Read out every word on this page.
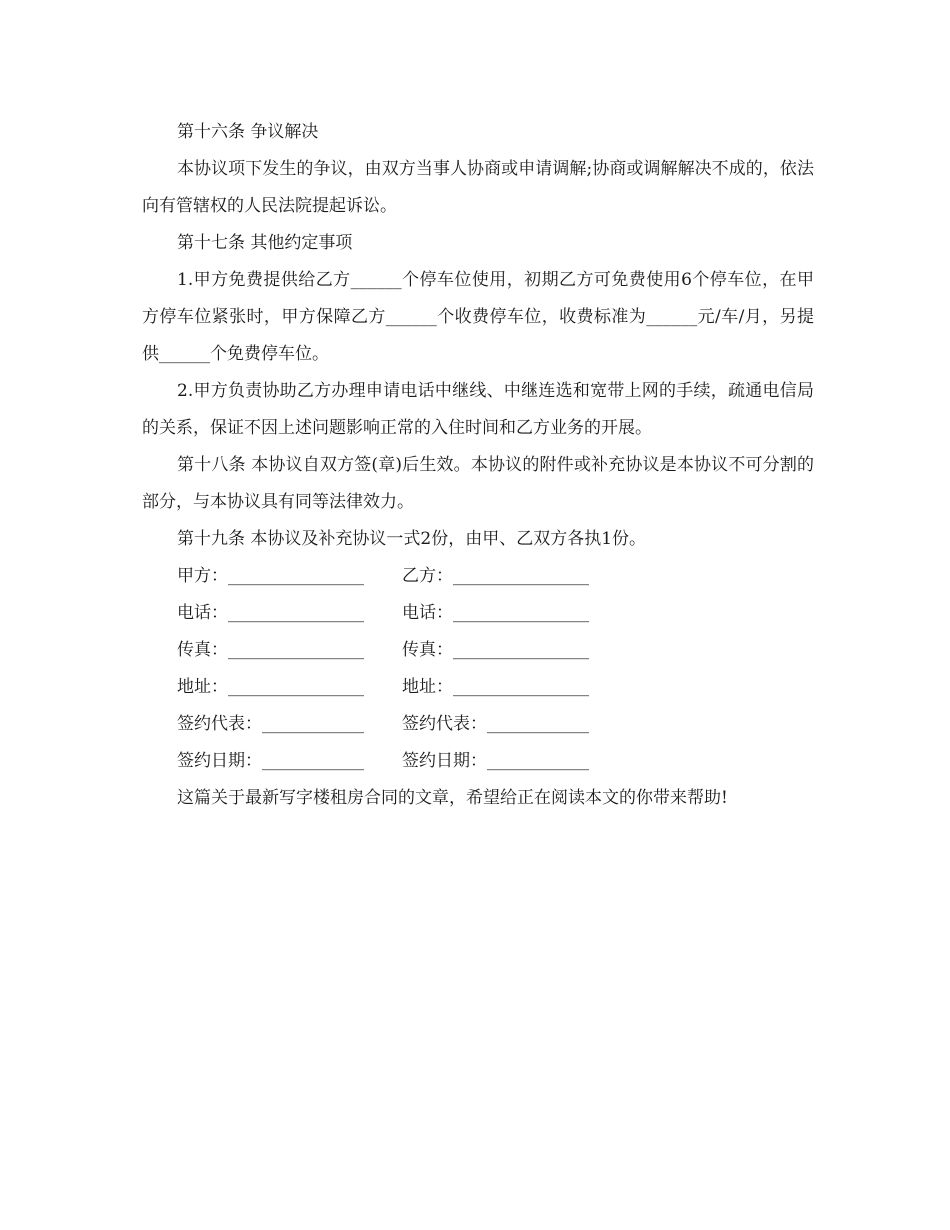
第十六条 争议解决

本协议项下发生的争议，由双方当事人协商或申请调解;协商或调解解决不成的，依法向有管辖权的人民法院提起诉讼。

第十七条 其他约定事项

1.甲方免费提供给乙方______个停车位使用，初期乙方可免费使用6个停车位，在甲方停车位紧张时，甲方保障乙方______个收费停车位，收费标准为______元/车/月，另提供______个免费停车位。

2.甲方负责协助乙方办理申请电话中继线、中继连选和宽带上网的手续，疏通电信局的关系，保证不因上述问题影响正常的入住时间和乙方业务的开展。

第十八条 本协议自双方签(章)后生效。本协议的附件或补充协议是本协议不可分割的部分，与本协议具有同等法律效力。

第十九条 本协议及补充协议一式2份，由甲、乙双方各执1份。

甲方：________________	乙方：________________
电话：________________	电话：________________
传真：________________	传真：________________
地址：________________	地址：________________
签约代表：____________	签约代表：____________
签约日期：____________	签约日期：____________

这篇关于最新写字楼租房合同的文章，希望给正在阅读本文的你带来帮助!
